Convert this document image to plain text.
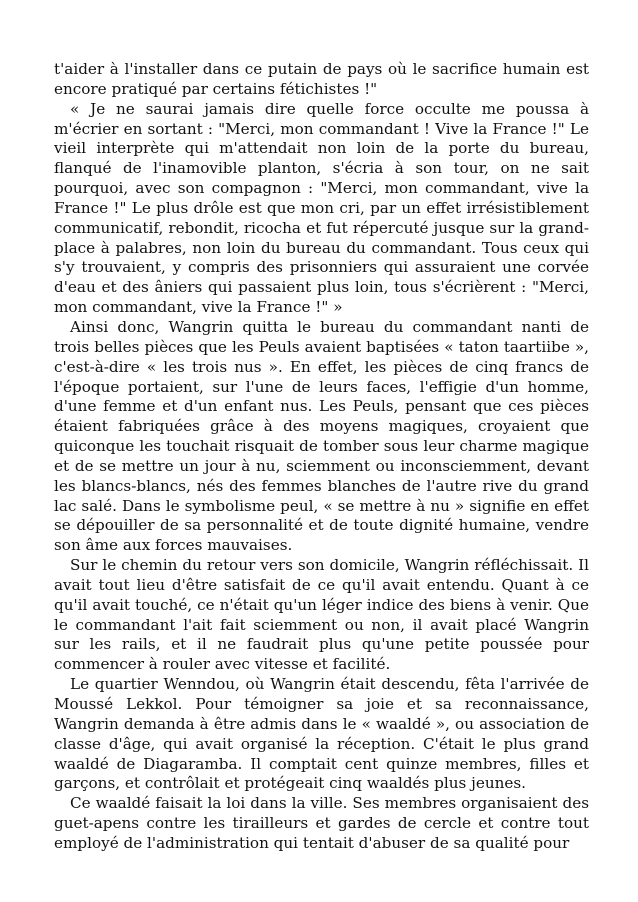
t'aider à l'installer dans ce putain de pays où le sacrifice humain est encore pratiqué par certains fétichistes !"

« Je ne saurai jamais dire quelle force occulte me poussa à m'écrier en sortant : "Merci, mon commandant ! Vive la France !" Le vieil interprète qui m'attendait non loin de la porte du bureau, flanqué de l'inamovible planton, s'écria à son tour, on ne sait pourquoi, avec son compagnon : "Merci, mon commandant, vive la France !" Le plus drôle est que mon cri, par un effet irrésistiblement communicatif, rebondit, ricocha et fut répercuté jusque sur la grand-place à palabres, non loin du bureau du commandant. Tous ceux qui s'y trouvaient, y compris des prisonniers qui assuraient une corvée d'eau et des âniers qui passaient plus loin, tous s'écrièrent : "Merci, mon commandant, vive la France !" »

Ainsi donc, Wangrin quitta le bureau du commandant nanti de trois belles pièces que les Peuls avaient baptisées « taton taartiibe », c'est-à-dire « les trois nus ». En effet, les pièces de cinq francs de l'époque portaient, sur l'une de leurs faces, l'effigie d'un homme, d'une femme et d'un enfant nus. Les Peuls, pensant que ces pièces étaient fabriquées grâce à des moyens magiques, croyaient que quiconque les touchait risquait de tomber sous leur charme magique et de se mettre un jour à nu, sciemment ou inconsciemment, devant les blancs-blancs, nés des femmes blanches de l'autre rive du grand lac salé. Dans le symbolisme peul, « se mettre à nu » signifie en effet se dépouiller de sa personnalité et de toute dignité humaine, vendre son âme aux forces mauvaises.

Sur le chemin du retour vers son domicile, Wangrin réfléchissait. Il avait tout lieu d'être satisfait de ce qu'il avait entendu. Quant à ce qu'il avait touché, ce n'était qu'un léger indice des biens à venir. Que le commandant l'ait fait sciemment ou non, il avait placé Wangrin sur les rails, et il ne faudrait plus qu'une petite poussée pour commencer à rouler avec vitesse et facilité.

Le quartier Wenndou, où Wangrin était descendu, fêta l'arrivée de Moussé Lekkol. Pour témoigner sa joie et sa reconnaissance, Wangrin demanda à être admis dans le « waaldé », ou association de classe d'âge, qui avait organisé la réception. C'était le plus grand waaldé de Diagaramba. Il comptait cent quinze membres, filles et garçons, et contrôlait et protégeait cinq waaldés plus jeunes.

Ce waaldé faisait la loi dans la ville. Ses membres organisaient des guet-apens contre les tirailleurs et gardes de cercle et contre tout employé de l'administration qui tentait d'abuser de sa qualité pour
